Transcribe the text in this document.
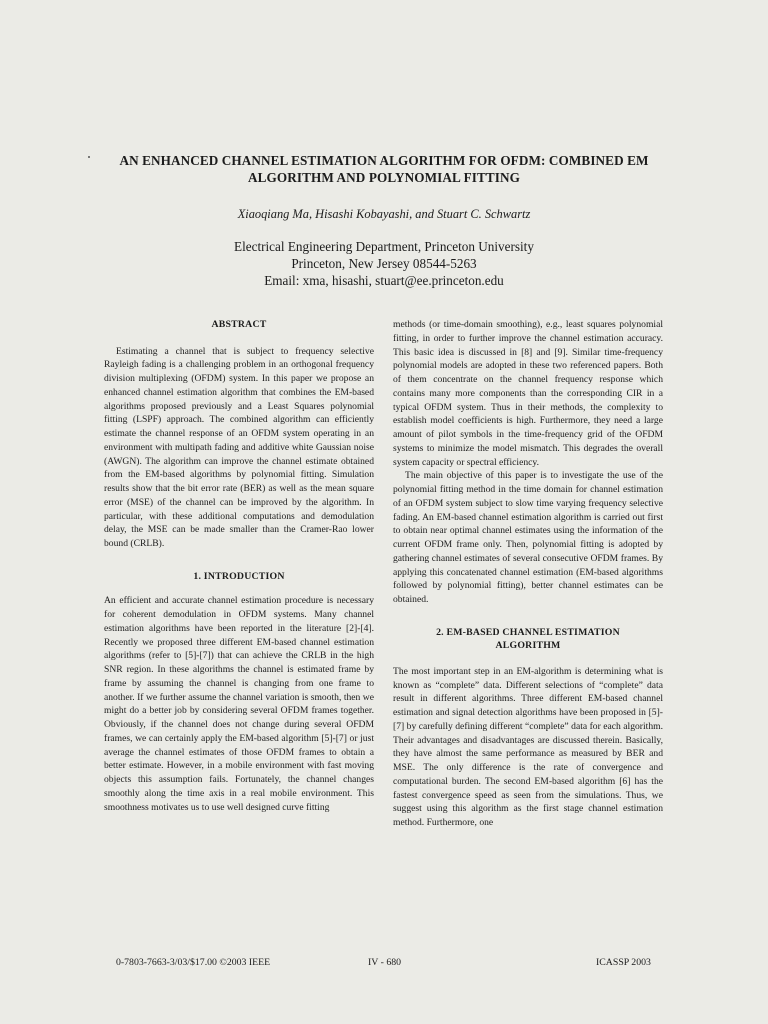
AN ENHANCED CHANNEL ESTIMATION ALGORITHM FOR OFDM: COMBINED EM
ALGORITHM AND POLYNOMIAL FITTING
Xiaoqiang Ma, Hisashi Kobayashi, and Stuart C. Schwartz
Electrical Engineering Department, Princeton University
Princeton, New Jersey 08544-5263
Email: xma, hisashi, stuart@ee.princeton.edu
ABSTRACT

Estimating a channel that is subject to frequency selective Rayleigh fading is a challenging problem in an orthogonal frequency division multiplexing (OFDM) system. In this paper we propose an enhanced channel estimation algorithm that combines the EM-based algorithms proposed previously and a Least Squares polynomial fitting (LSPF) approach. The combined algorithm can efficiently estimate the channel response of an OFDM system operating in an environment with multipath fading and additive white Gaussian noise (AWGN). The algorithm can improve the channel estimate obtained from the EM-based algorithms by polynomial fitting. Simulation results show that the bit error rate (BER) as well as the mean square error (MSE) of the channel can be improved by the algorithm. In particular, with these additional computations and demodulation delay, the MSE can be made smaller than the Cramer-Rao lower bound (CRLB).

1. INTRODUCTION

An efficient and accurate channel estimation procedure is necessary for coherent demodulation in OFDM systems. Many channel estimation algorithms have been reported in the literature [2]-[4]. Recently we proposed three different EM-based channel estimation algorithms (refer to [5]-[7]) that can achieve the CRLB in the high SNR region. In these algorithms the channel is estimated frame by frame by assuming the channel is changing from one frame to another. If we further assume the channel variation is smooth, then we might do a better job by considering several OFDM frames together. Obviously, if the channel does not change during several OFDM frames, we can certainly apply the EM-based algorithm [5]-[7] or just average the channel estimates of those OFDM frames to obtain a better estimate. However, in a mobile environment with fast moving objects this assumption fails. Fortunately, the channel changes smoothly along the time axis in a real mobile environment. This smoothness motivates us to use well designed curve fitting

methods (or time-domain smoothing), e.g., least squares polynomial fitting, in order to further improve the channel estimation accuracy. This basic idea is discussed in [8] and [9]. Similar time-frequency polynomial models are adopted in these two referenced papers. Both of them concentrate on the channel frequency response which contains many more components than the corresponding CIR in a typical OFDM system. Thus in their methods, the complexity to establish model coefficients is high. Furthermore, they need a large amount of pilot symbols in the time-frequency grid of the OFDM systems to minimize the model mismatch. This degrades the overall system capacity or spectral efficiency.

The main objective of this paper is to investigate the use of the polynomial fitting method in the time domain for channel estimation of an OFDM system subject to slow time varying frequency selective fading. An EM-based channel estimation algorithm is carried out first to obtain near optimal channel estimates using the information of the current OFDM frame only. Then, polynomial fitting is adopted by gathering channel estimates of several consecutive OFDM frames. By applying this concatenated channel estimation (EM-based algorithms followed by polynomial fitting), better channel estimates can be obtained.

2. EM-BASED CHANNEL ESTIMATION
ALGORITHM

The most important step in an EM-algorithm is determining what is known as “complete” data. Different selections of “complete” data result in different algorithms. Three different EM-based channel estimation and signal detection algorithms have been proposed in [5]-[7] by carefully defining different “complete” data for each algorithm. Their advantages and disadvantages are discussed therein. Basically, they have almost the same performance as measured by BER and MSE. The only difference is the rate of convergence and computational burden. The second EM-based algorithm [6] has the fastest convergence speed as seen from the simulations. Thus, we suggest using this algorithm as the first stage channel estimation method. Furthermore, one

0-7803-7663-3/03/$17.00 ©2003 IEEE	IV - 680	ICASSP 2003
